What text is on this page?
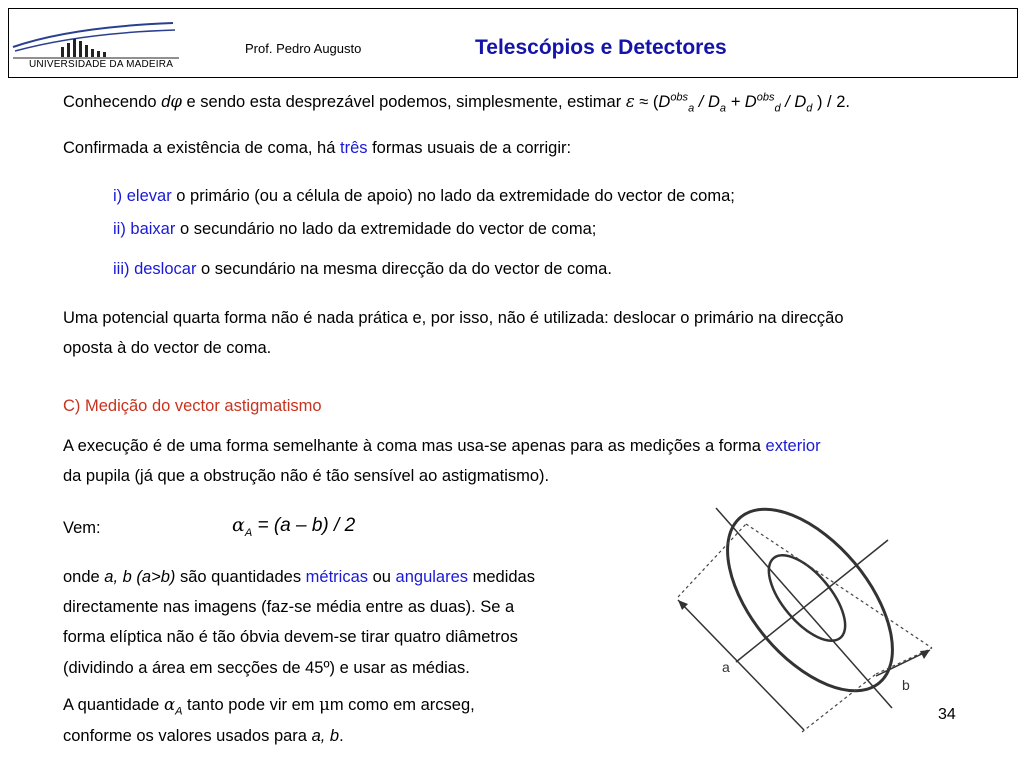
UNIVERSIDADE DA MADEIRA
Prof. Pedro Augusto	Telescópios e Detectores
Conhecendo dφ e sendo esta desprezável podemos, simplesmente, estimar $\varepsilon \approx (D^{obs}_a / D_a + D^{obs}_d / D_d$ ) / 2.
Confirmada a existência de coma, há três formas usuais de a corrigir:
i) elevar o primário (ou a célula de apoio) no lado da extremidade do vector de coma;
ii) baixar o secundário no lado da extremidade do vector de coma;
iii) deslocar o secundário na mesma direcção da do vector de coma.
Uma potencial quarta forma não é nada prática e, por isso, não é utilizada: deslocar o primário na direcção
oposta à do vector de coma.
C) Medição do vector astigmatismo
A execução é de uma forma semelhante à coma mas usa-se apenas para as medições a forma exterior
da pupila (já que a obstrução não é tão sensível ao astigmatismo).
Vem:	$\alpha_A = (a - b) / 2$
onde a, b (a>b) são quantidades métricas ou angulares medidas
directamente nas imagens (faz-se média entre as duas). Se a
forma elíptica não é tão óbvia devem-se tirar quatro diâmetros
(dividindo a área em secções de 45º) e usar as médias.
A quantidade $\alpha_A$ tanto pode vir em μm como em arcseg,
conforme os valores usados para a, b.
a
b
34
